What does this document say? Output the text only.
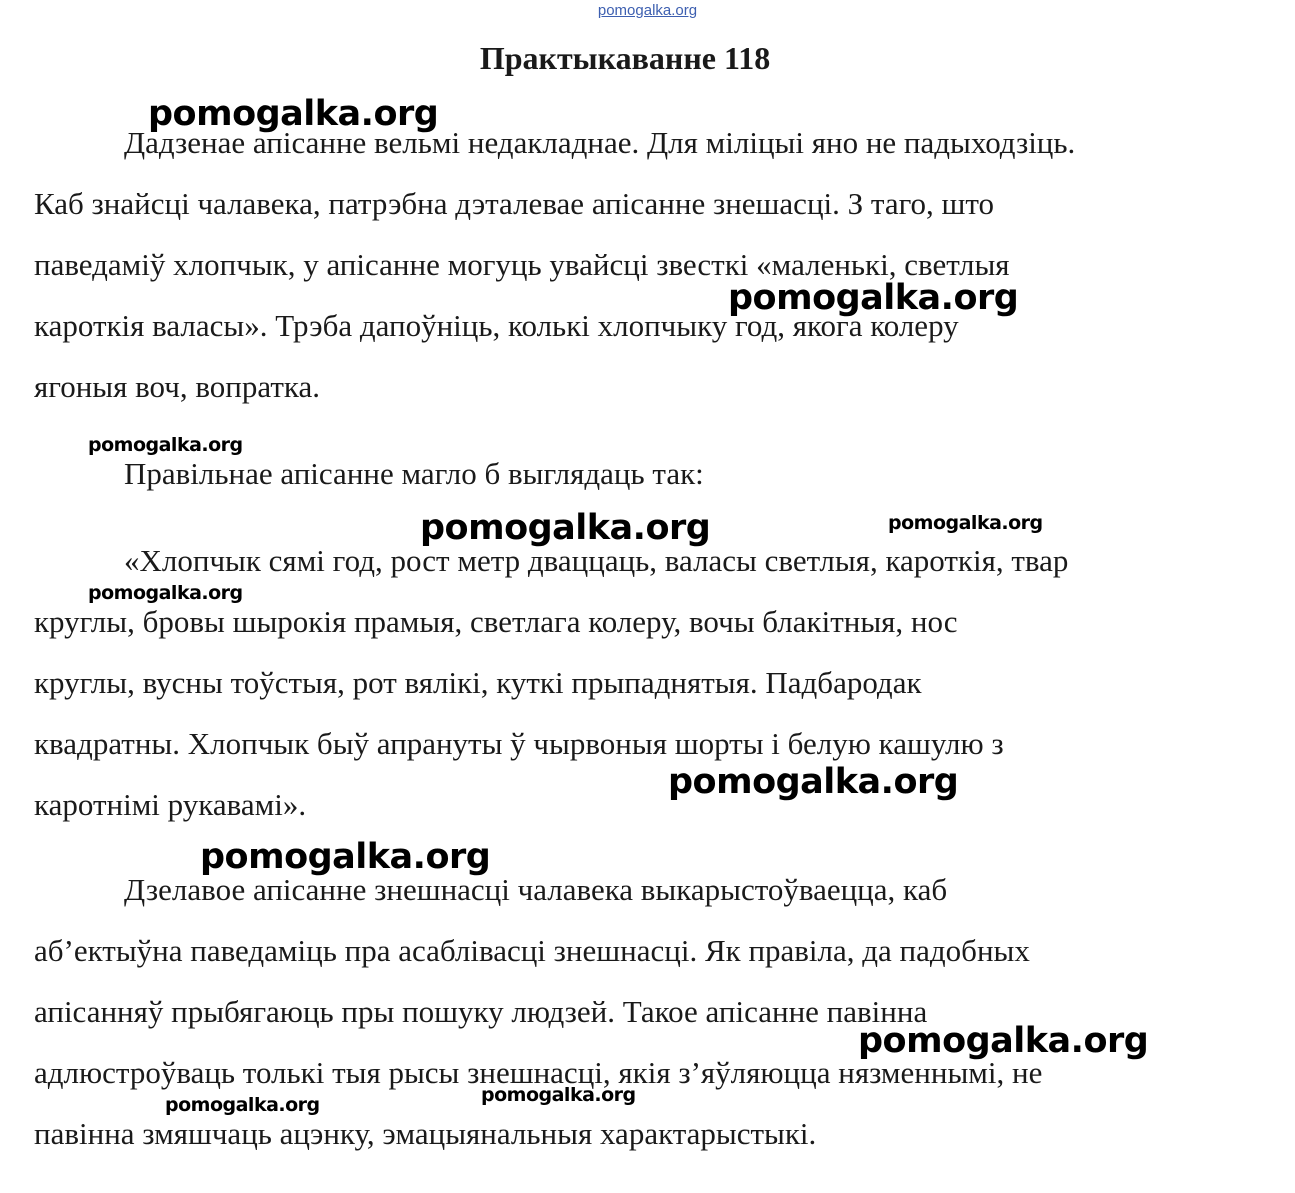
pomogalka.org
Практыкаванне 118
Дадзенае апісанне вельмі недакладнае. Для міліцыі яно не падыходзіць.
Каб знайсці чалавека, патрэбна дэталевае апісанне знешасці. З таго, што
паведаміў хлопчык, у апісанне могуць увайсці звесткі «маленькі, светлыя
кароткія валасы». Трэба дапоўніць, колькі хлопчыку год, якога колеру
ягоныя воч, вопратка.
Правільнае апісанне магло б выглядаць так:
«Хлопчык сямі год, рост метр дваццаць, валасы светлыя, кароткія, твар
круглы, бровы шырокія прамыя, светлага колеру, вочы блакітныя, нос
круглы, вусны тоўстыя, рот вялікі, куткі прыпаднятыя. Падбародак
квадратны. Хлопчык быў апрануты ў чырвоныя шорты і белую кашулю з
каротнімі рукавамі».
Дзелавое апісанне знешнасці чалавека выкарыстоўваецца, каб
аб’ектыўна паведаміць пра асаблівасці знешнасці. Як правіла, да падобных
апісанняў прыбягаюць пры пошуку людзей. Такое апісанне павінна
адлюстроўваць толькі тыя рысы знешнасці, якія з’яўляюцца нязменнымі, не
павінна змяшчаць ацэнку, эмацыянальныя характарыстыкі.
pomogalka.org
pomogalka.org
pomogalka.org
pomogalka.org	pomogalka.org
pomogalka.org
pomogalka.org
pomogalka.org
pomogalka.org
pomogalka.org
pomogalka.org
